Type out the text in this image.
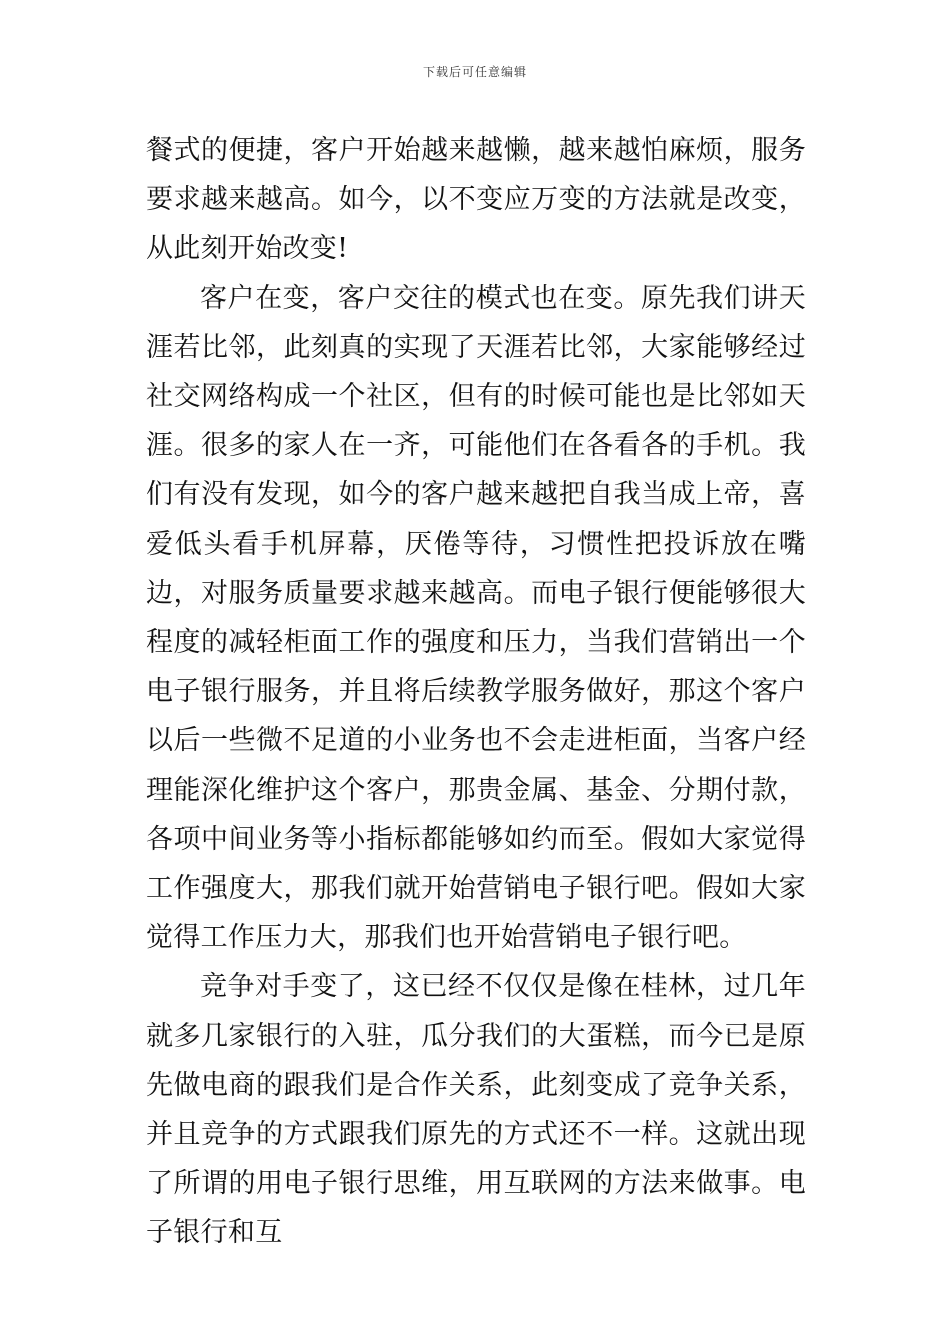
下载后可任意编辑

餐式的便捷，客户开始越来越懒，越来越怕麻烦，服务要求越来越高。如今，以不变应万变的方法就是改变，从此刻开始改变!

客户在变，客户交往的模式也在变。原先我们讲天涯若比邻，此刻真的实现了天涯若比邻，大家能够经过社交网络构成一个社区，但有的时候可能也是比邻如天涯。很多的家人在一齐，可能他们在各看各的手机。我们有没有发现，如今的客户越来越把自我当成上帝，喜爱低头看手机屏幕，厌倦等待，习惯性把投诉放在嘴边，对服务质量要求越来越高。而电子银行便能够很大程度的减轻柜面工作的强度和压力，当我们营销出一个电子银行服务，并且将后续教学服务做好，那这个客户以后一些微不足道的小业务也不会走进柜面，当客户经理能深化维护这个客户，那贵金属、基金、分期付款，各项中间业务等小指标都能够如约而至。假如大家觉得工作强度大，那我们就开始营销电子银行吧。假如大家觉得工作压力大，那我们也开始营销电子银行吧。

竞争对手变了，这已经不仅仅是像在桂林，过几年就多几家银行的入驻，瓜分我们的大蛋糕，而今已是原先做电商的跟我们是合作关系，此刻变成了竞争关系，并且竞争的方式跟我们原先的方式还不一样。这就出现了所谓的用电子银行思维，用互联网的方法来做事。电子银行和互
